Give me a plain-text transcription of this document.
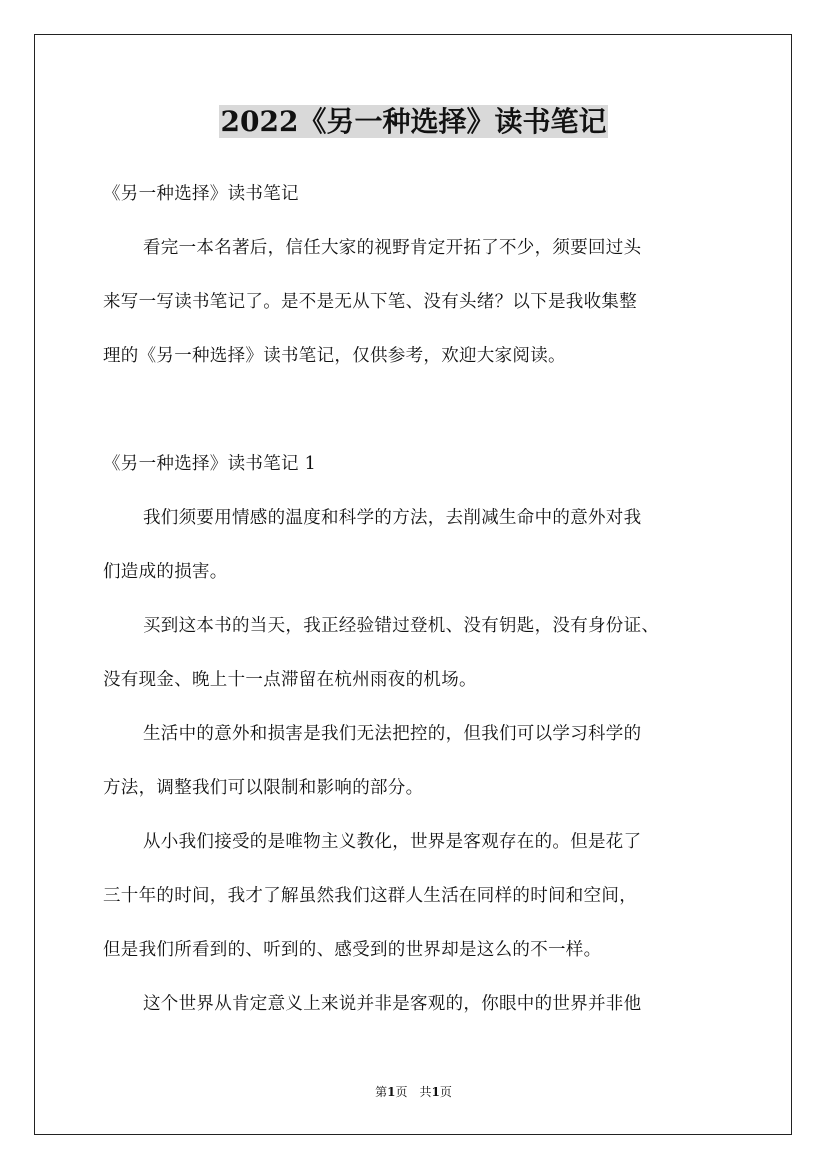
2022《另一种选择》读书笔记
《另一种选择》读书笔记
看完一本名著后，信任大家的视野肯定开拓了不少，须要回过头
来写一写读书笔记了。是不是无从下笔、没有头绪？以下是我收集整
理的《另一种选择》读书笔记，仅供参考，欢迎大家阅读。
《另一种选择》读书笔记 1
我们须要用情感的温度和科学的方法，去削减生命中的意外对我
们造成的损害。
买到这本书的当天，我正经验错过登机、没有钥匙，没有身份证、
没有现金、晚上十一点滞留在杭州雨夜的机场。
生活中的意外和损害是我们无法把控的，但我们可以学习科学的
方法，调整我们可以限制和影响的部分。
从小我们接受的是唯物主义教化，世界是客观存在的。但是花了
三十年的时间，我才了解虽然我们这群人生活在同样的时间和空间，
但是我们所看到的、听到的、感受到的世界却是这么的不一样。
这个世界从肯定意义上来说并非是客观的，你眼中的世界并非他
第1页　共1页
